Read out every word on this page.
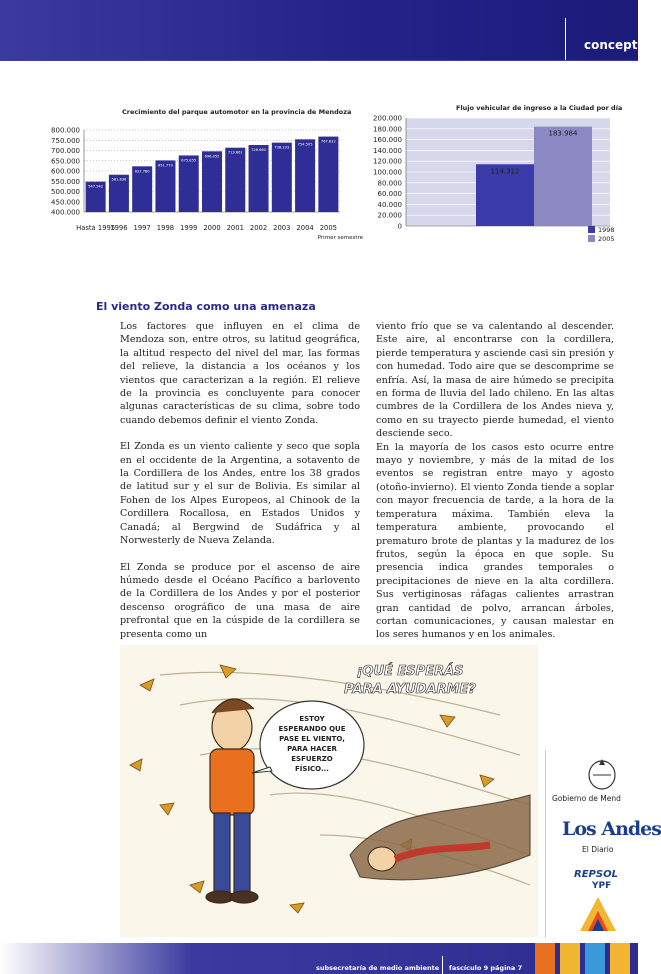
conceptos
Crecimiento del parque automotor en la provincia de Mendoza
800.000
750.000
700.000
650.000
600.000
550.000
500.000
450.000
400.000
547.942
Hasta 1995
581.836
1996
622.780
1997
651.770
1998
675.855
1999
696.055
2000
713.661
2001
726.660
2002
738.233
2003
754.505
2004
767.822
2005
Primer semestre
Flujo vehicular de ingreso a la Ciudad por día
200.000
180.000
160.000
140.000
120.000
100.000
80.000
60.000
40.000
20.000
0
114.312
183.984
1998
2005
El viento Zonda como una amenaza

Los factores que influyen en el clima de Mendoza son, entre otros, su latitud geográfica, la altitud respecto del nivel del mar, las formas del relieve, la distancia a los océanos y los vientos que caracterizan a la región. El relieve de la provincia es concluyente para conocer algunas características de su clima, sobre todo cuando debemos definir el viento Zonda.

El Zonda es un viento caliente y seco que sopla en el occidente de la Argentina, a sotavento de la Cordillera de los Andes, entre los 38 grados de latitud sur y el sur de Bolivia. Es similar al Fohen de los Alpes Europeos, al Chinook de la Cordillera Rocallosa, en Estados Unidos y Canadá; al Bergwind de Sudáfrica y al Norwesterly de Nueva Zelanda.

El Zonda se produce por el ascenso de aire húmedo desde el Océano Pacífico a barlovento de la Cordillera de los Andes y por el posterior descenso orográfico de una masa de aire prefrontal que en la cúspide de la cordillera se presenta como un

viento frío que se va calentando al descender. Este aire, al encontrarse con la cordillera, pierde temperatura y asciende casi sin presión y con humedad. Todo aire que se descomprime se enfría. Así, la masa de aire húmedo se precipita en forma de lluvia del lado chileno. En las altas cumbres de la Cordillera de los Andes nieva y, como en su trayecto pierde humedad, el viento desciende seco.

En la mayoría de los casos esto ocurre entre mayo y noviembre, y más de la mitad de los eventos se registran entre mayo y agosto (otoño-invierno). El viento Zonda tiende a soplar con mayor frecuencia de tarde, a la hora de la temperatura máxima. También eleva la temperatura ambiente, provocando el prematuro brote de plantas y la madurez de los frutos, según la época en que sople. Su presencia indica grandes temporales o precipitaciones de nieve en la alta cordillera. Sus vertiginosas ráfagas calientes arrastran gran cantidad de polvo, arrancan árboles, cortan comunicaciones, y causan malestar en los seres humanos y en los animales.

ESTOY
ESPERANDO QUE
PASE EL VIENTO,
PARA HACER
ESFUERZO
FÍSICO...
¡QUÉ ESPERÁS
PARA AYUDARME?
Gobierno de Mend
Los Andes
El Diario
REPSOL
YPF
subsecretaría de medio ambiente fascículo 9 página 7
